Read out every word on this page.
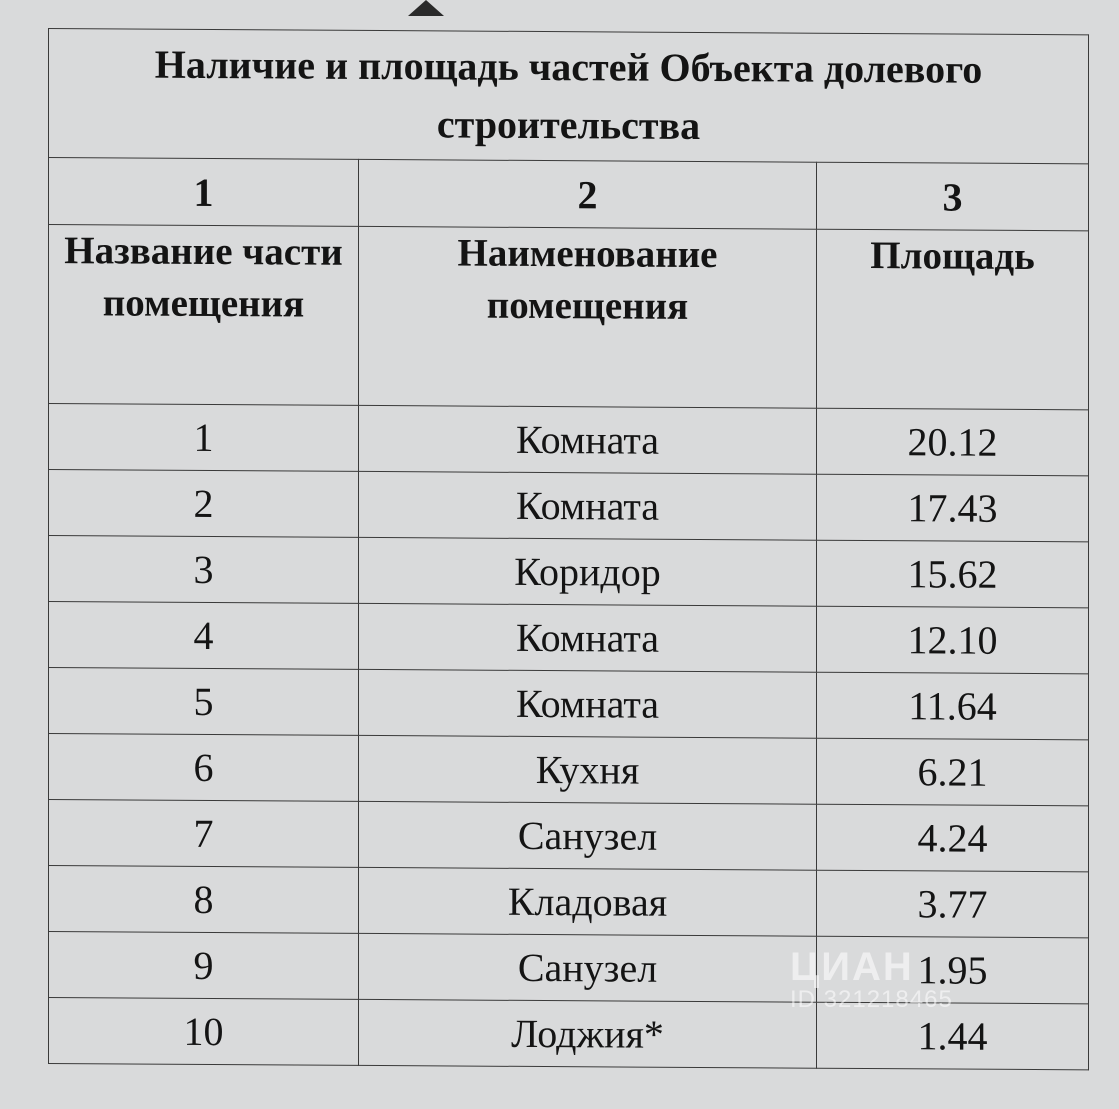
Наличие и площадь частей Объекта долевого строительства		
1	2	3
Название части помещения	Наименование помещения	Площадь
1	Комната	20.12
2	Комната	17.43
3	Коридор	15.62
4	Комната	12.10
5	Комната	11.64
6	Кухня	6.21
7	Санузел	4.24
8	Кладовая	3.77
9	Санузел	1.95
10	Лоджия*	1.44
ЦИАН
ID 321218465
